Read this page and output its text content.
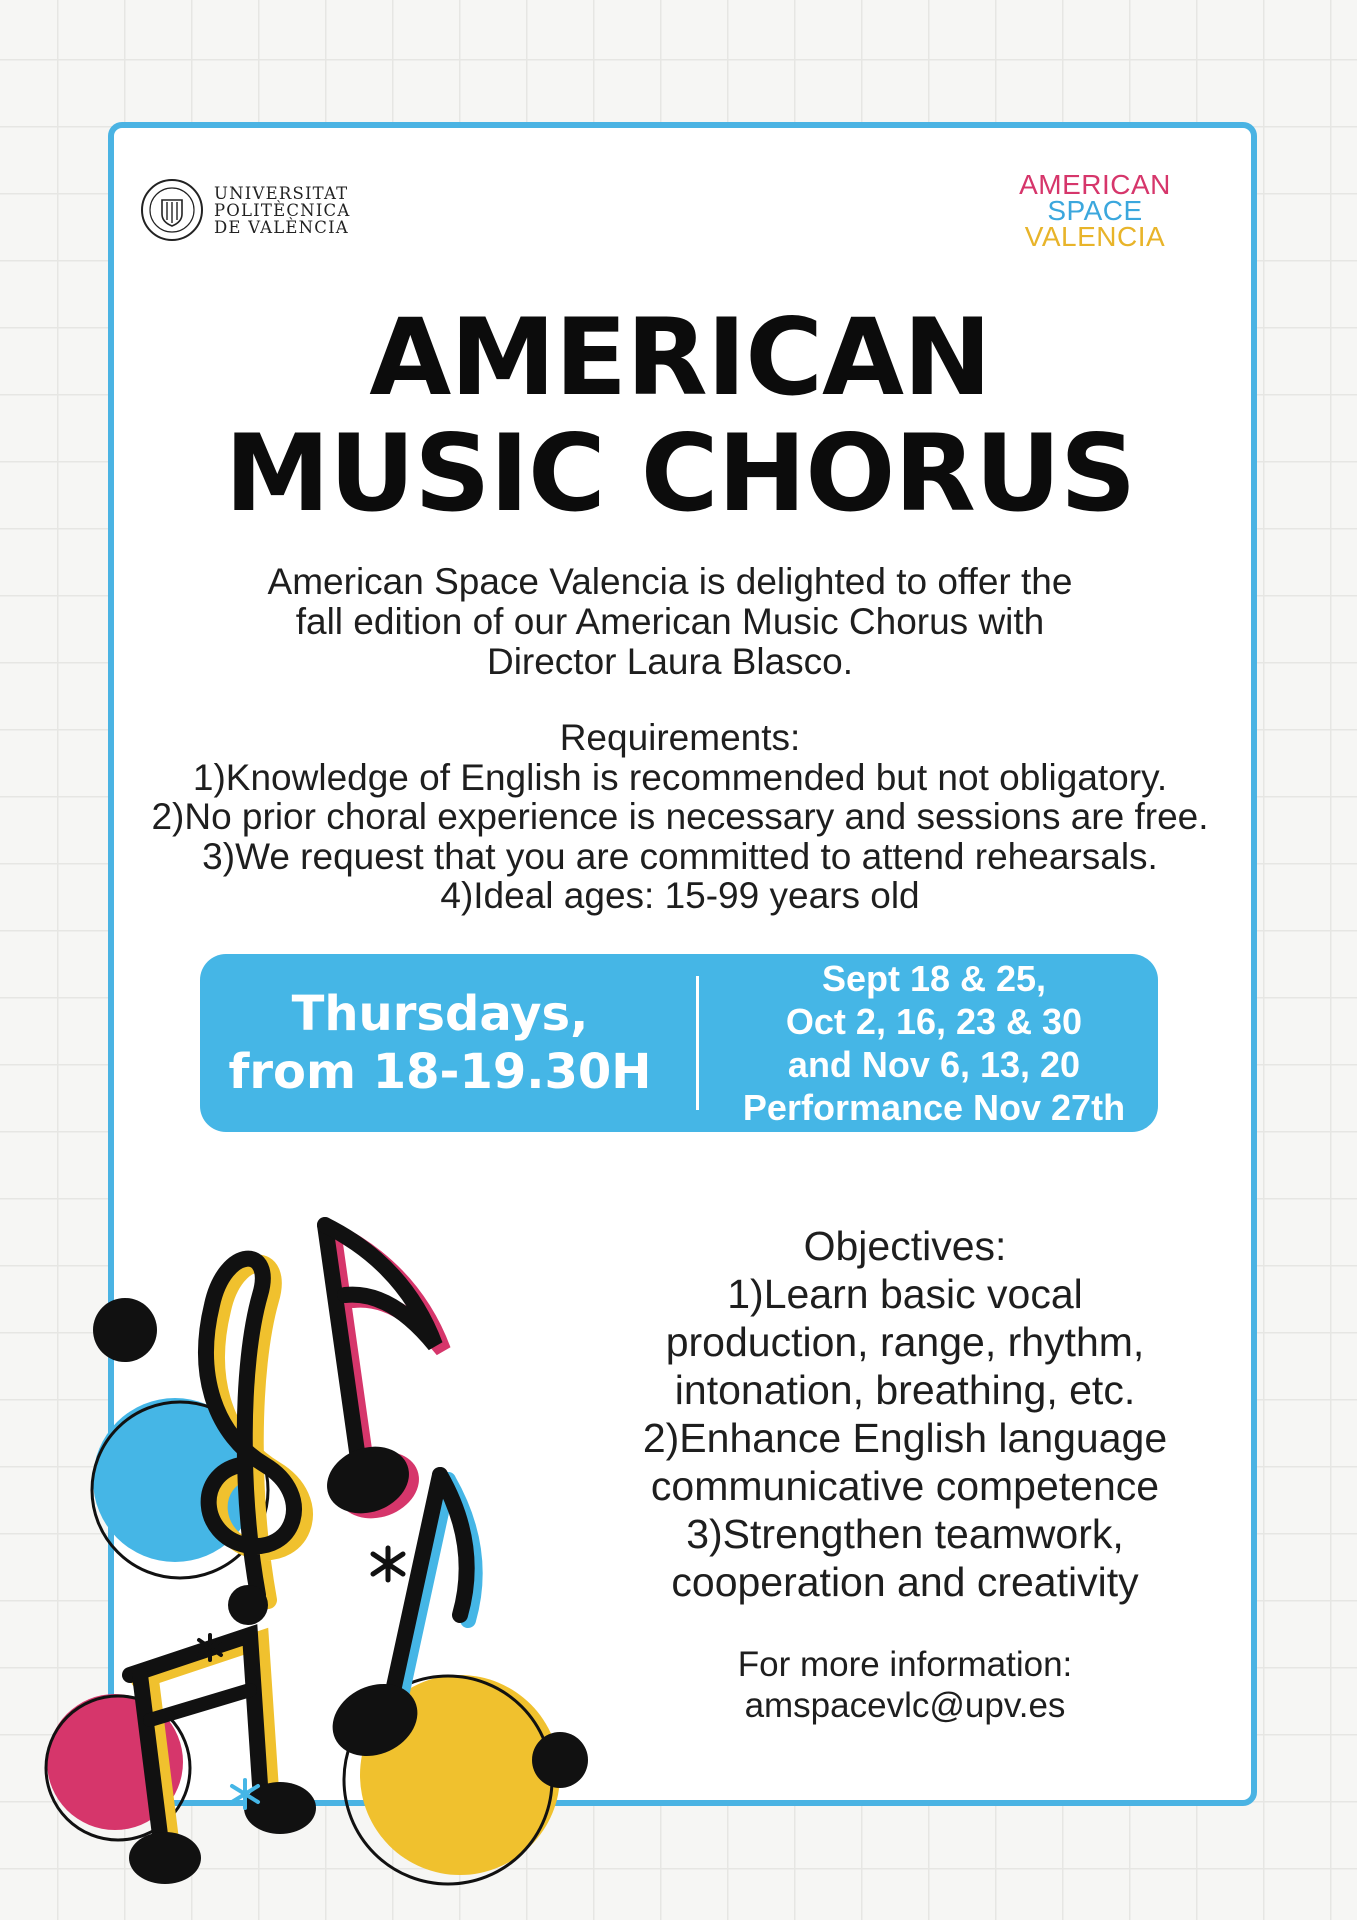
UNIVERSITAT
POLITÈCNICA
DE VALÈNCIA
AMERICAN
SPACE
VALENCIA
AMERICAN
MUSIC CHORUS
American Space Valencia is delighted to offer the
fall edition of our American Music Chorus with
Director Laura Blasco.
Requirements:
1)Knowledge of English is recommended but not obligatory.
2)No prior choral experience is necessary and sessions are free.
3)We request that you are committed to attend rehearsals.
4)Ideal ages: 15-99 years old
Thursdays,
from 18-19.30H
Sept 18 & 25,
Oct 2, 16, 23 & 30
and Nov 6, 13, 20
Performance Nov 27th
Objectives:
1)Learn basic vocal
production, range, rhythm,
intonation, breathing, etc.
2)Enhance English language
communicative competence
3)Strengthen teamwork,
cooperation and creativity
For more information:
amspacevlc@upv.es
